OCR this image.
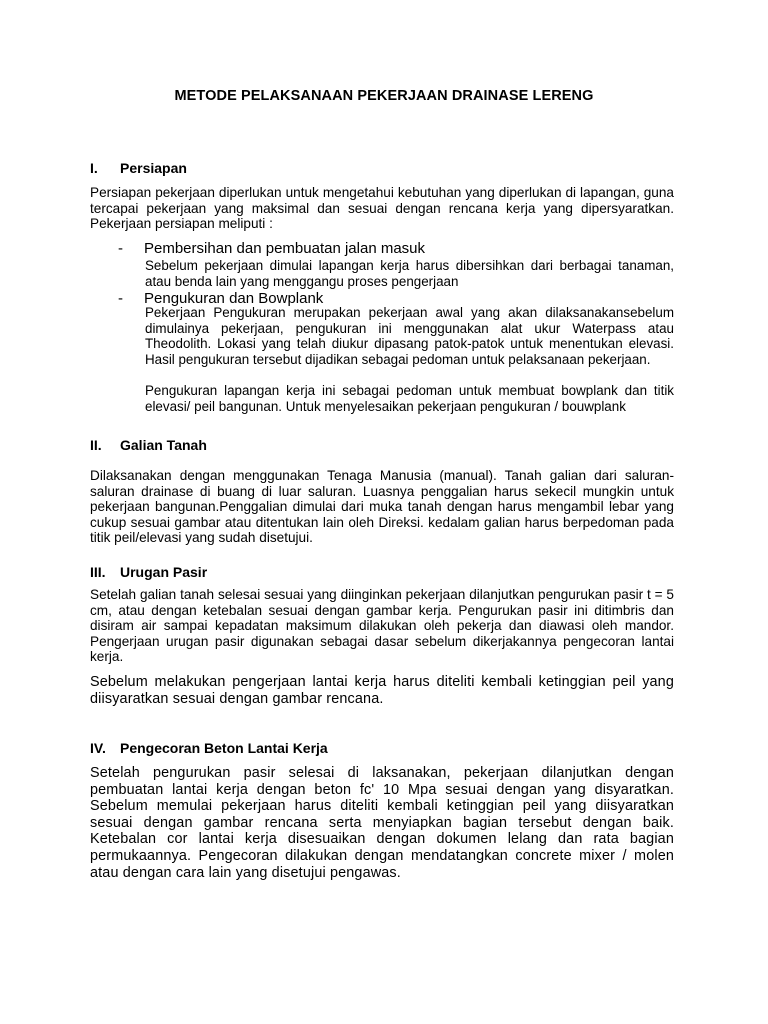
METODE PELAKSANAAN PEKERJAAN DRAINASE LERENG
I.	Persiapan
Persiapan pekerjaan diperlukan untuk mengetahui kebutuhan yang diperlukan di lapangan, guna tercapai pekerjaan yang maksimal dan sesuai dengan rencana kerja yang dipersyaratkan. Pekerjaan persiapan meliputi :
-	Pembersihan dan pembuatan jalan masuk
Sebelum pekerjaan dimulai lapangan kerja harus dibersihkan dari berbagai tanaman, atau benda lain yang menggangu proses pengerjaan
-	Pengukuran dan Bowplank
Pekerjaan Pengukuran merupakan pekerjaan awal yang akan dilaksanakansebelum dimulainya pekerjaan, pengukuran ini menggunakan alat ukur Waterpass atau Theodolith. Lokasi yang telah diukur dipasang patok-patok untuk menentukan elevasi. Hasil pengukuran tersebut dijadikan sebagai pedoman untuk pelaksanaan pekerjaan.
Pengukuran lapangan kerja ini sebagai pedoman untuk membuat bowplank dan titik elevasi/ peil bangunan. Untuk menyelesaikan pekerjaan pengukuran / bouwplank
II.	Galian Tanah
Dilaksanakan dengan menggunakan Tenaga Manusia (manual). Tanah galian dari saluran-saluran drainase di buang di luar saluran. Luasnya penggalian harus sekecil mungkin untuk pekerjaan bangunan.Penggalian dimulai dari muka tanah dengan harus mengambil lebar yang cukup sesuai gambar atau ditentukan lain oleh Direksi. kedalam galian harus berpedoman pada titik peil/elevasi yang sudah disetujui.
III.	Urugan Pasir
Setelah galian tanah selesai sesuai yang diinginkan pekerjaan dilanjutkan pengurukan pasir t = 5 cm, atau dengan ketebalan sesuai dengan gambar kerja. Pengurukan pasir ini ditimbris dan disiram air sampai kepadatan maksimum dilakukan oleh pekerja dan diawasi oleh mandor. Pengerjaan urugan pasir digunakan sebagai dasar sebelum dikerjakannya pengecoran lantai kerja.
Sebelum melakukan pengerjaan lantai kerja harus diteliti kembali ketinggian peil yang diisyaratkan sesuai dengan gambar rencana.
IV.	Pengecoran Beton Lantai Kerja
Setelah pengurukan pasir selesai di laksanakan, pekerjaan dilanjutkan dengan pembuatan lantai kerja dengan beton fc' 10 Mpa sesuai dengan yang disyaratkan. Sebelum memulai pekerjaan harus diteliti kembali ketinggian peil yang diisyaratkan sesuai dengan gambar rencana serta menyiapkan bagian tersebut dengan baik. Ketebalan cor lantai kerja disesuaikan dengan dokumen lelang dan rata bagian permukaannya. Pengecoran dilakukan dengan mendatangkan concrete mixer / molen atau dengan cara lain yang disetujui pengawas.
